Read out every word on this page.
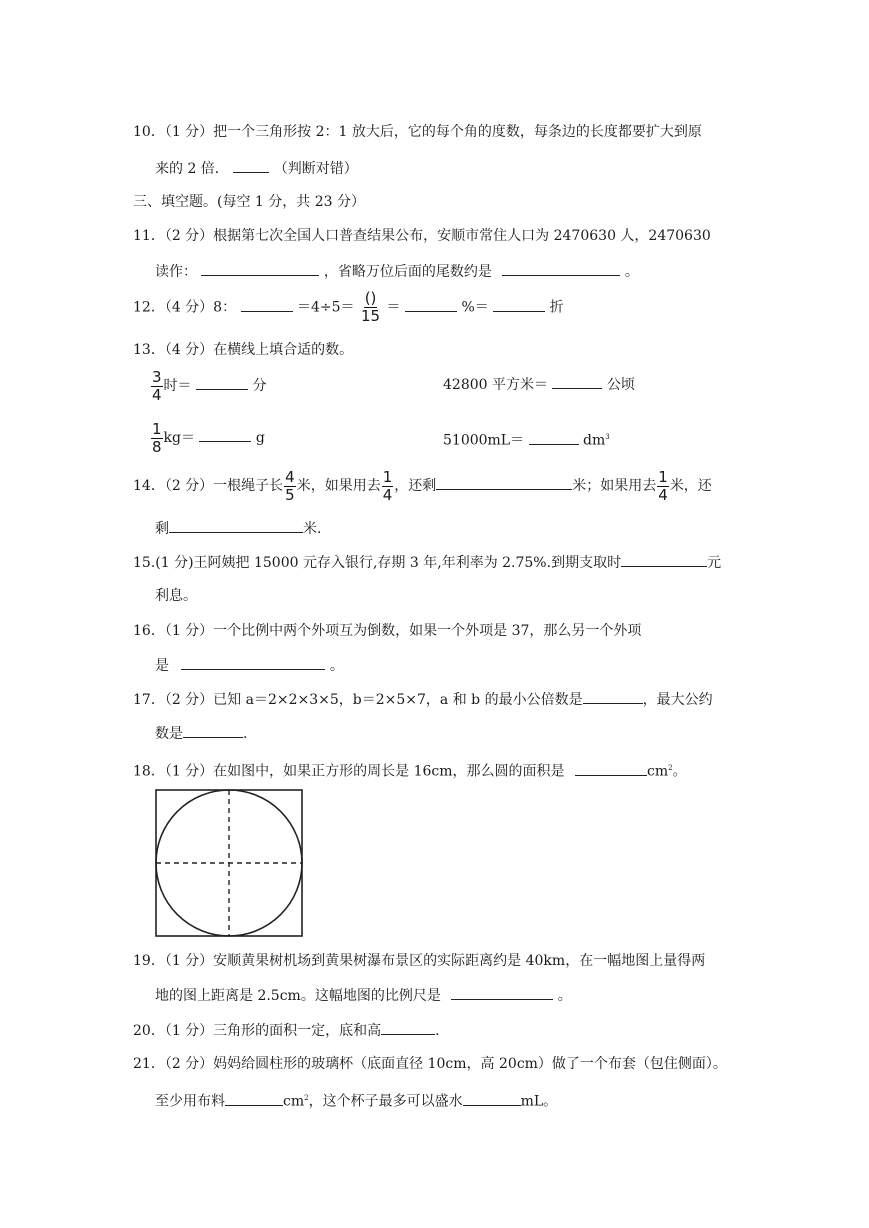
10．（1 分）把一个三角形按 2：1 放大后，它的每个角的度数，每条边的长度都要扩大到原
来的 2 倍．	（判断对错）
三、填空题。(每空 1 分，共 23 分）
11．（2 分）根据第七次全国人口普查结果公布，安顺市常住人口为 2470630 人，2470630
读作：	，省略万位后面的尾数约是	。
12．（4 分）8：	$=4\div 5= \frac{()}{15}$ ＝	%＝	折
13．（4 分）在横线上填合适的数。
$\frac{3}{4}$ 时＝	分	42800 平方米＝	公顷
$\frac{1}{8} kg=$	g	51000mL＝	$dm^3$
14．（2 分）一根绳子长 $\frac{4}{5}$ 米，如果用去 $\frac{1}{4}$ ，还剩	米；如果用去 $\frac{1}{4}$ 米，还
剩	米.
15.(1 分)王阿姨把 15000 元存入银行,存期 3 年,年利率为 2.75%.到期支取时	元
利息。
16．（1 分）一个比例中两个外项互为倒数，如果一个外项是 37，那么另一个外项
是	。
17．（2 分）已知 a＝2×2×3×5，b＝2×5×7，a 和 b 的最小公倍数是	，最大公约
数是	.
18．（1 分）在如图中，如果正方形的周长是 16cm，那么圆的面积是	$cm^2$。
19．（1 分）安顺黄果树机场到黄果树瀑布景区的实际距离约是 40km，在一幅地图上量得两
地的图上距离是 2.5cm。这幅地图的比例尺是	。
20．（1 分）三角形的面积一定，底和高	.
21．（2 分）妈妈给圆柱形的玻璃杯（底面直径 10cm，高 20cm）做了一个布套（包住侧面）。
至少用布料	$cm^2$，这个杯子最多可以盛水	mL。
